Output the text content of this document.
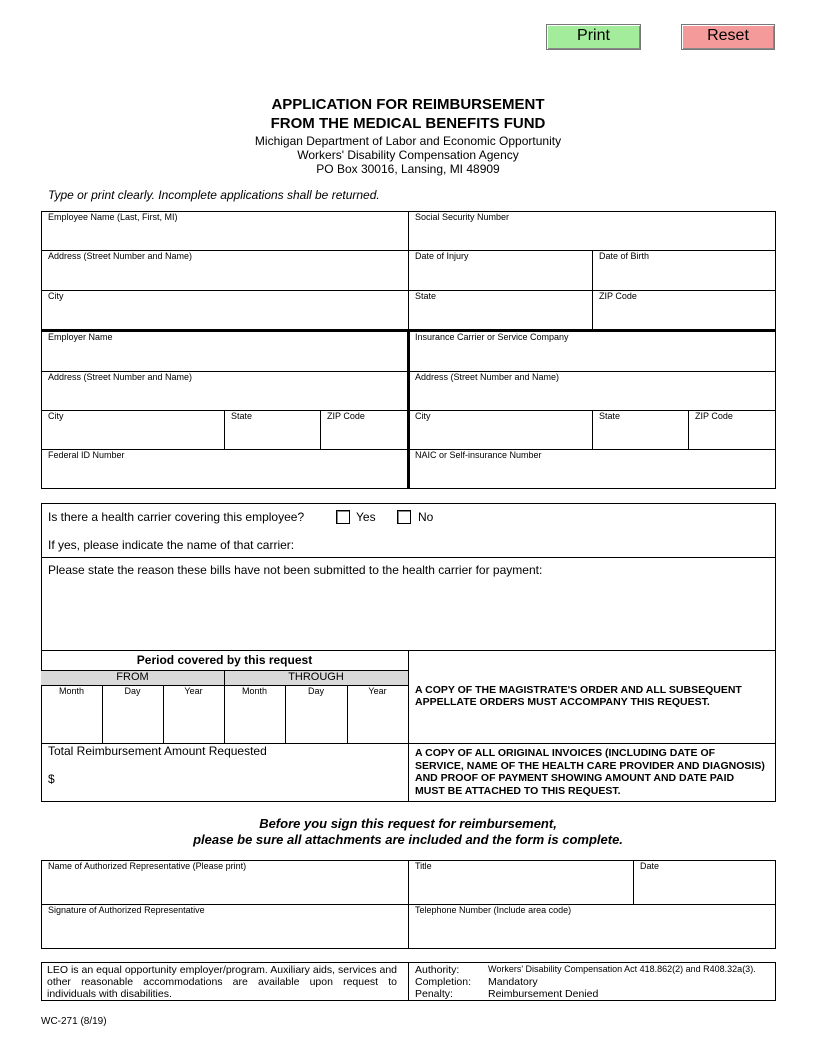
Print	Reset
APPLICATION FOR REIMBURSEMENT
FROM THE MEDICAL BENEFITS FUND
Michigan Department of Labor and Economic Opportunity
Workers' Disability Compensation Agency
PO Box 30016, Lansing, MI 48909
Type or print clearly. Incomplete applications shall be returned.
Employee Name (Last, First, MI)	Social Security Number
Address (Street Number and Name)	Date of Injury	Date of Birth
City	State	ZIP Code
Employer Name	Insurance Carrier or Service Company
Address (Street Number and Name)	Address (Street Number and Name)
City	State	ZIP Code	City	State	ZIP Code
Federal ID Number	NAIC or Self-insurance Number
Is there a health carrier covering this employee?	Yes	No
If yes, please indicate the name of that carrier:
Please state the reason these bills have not been submitted to the health carrier for payment:
Period covered by this request
FROM	THROUGH
Month	Day	Year	Month	Day	Year	A COPY OF THE MAGISTRATE'S ORDER AND ALL SUBSEQUENT APPELLATE ORDERS MUST ACCOMPANY THIS REQUEST.
Total Reimbursement Amount Requested
$
A COPY OF ALL ORIGINAL INVOICES (INCLUDING DATE OF SERVICE, NAME OF THE HEALTH CARE PROVIDER AND DIAGNOSIS) AND PROOF OF PAYMENT SHOWING AMOUNT AND DATE PAID MUST BE ATTACHED TO THIS REQUEST.
Before you sign this request for reimbursement,
please be sure all attachments are included and the form is complete.
Name of Authorized Representative (Please print)	Title	Date
Signature of Authorized Representative	Telephone Number (Include area code)
LEO is an equal opportunity employer/program. Auxiliary aids, services and other reasonable accommodations are available upon request to individuals with disabilities.
Authority:	Workers' Disability Compensation Act 418.862(2) and R408.32a(3).
Completion: Mandatory
Penalty:	Reimbursement Denied
WC-271 (8/19)
